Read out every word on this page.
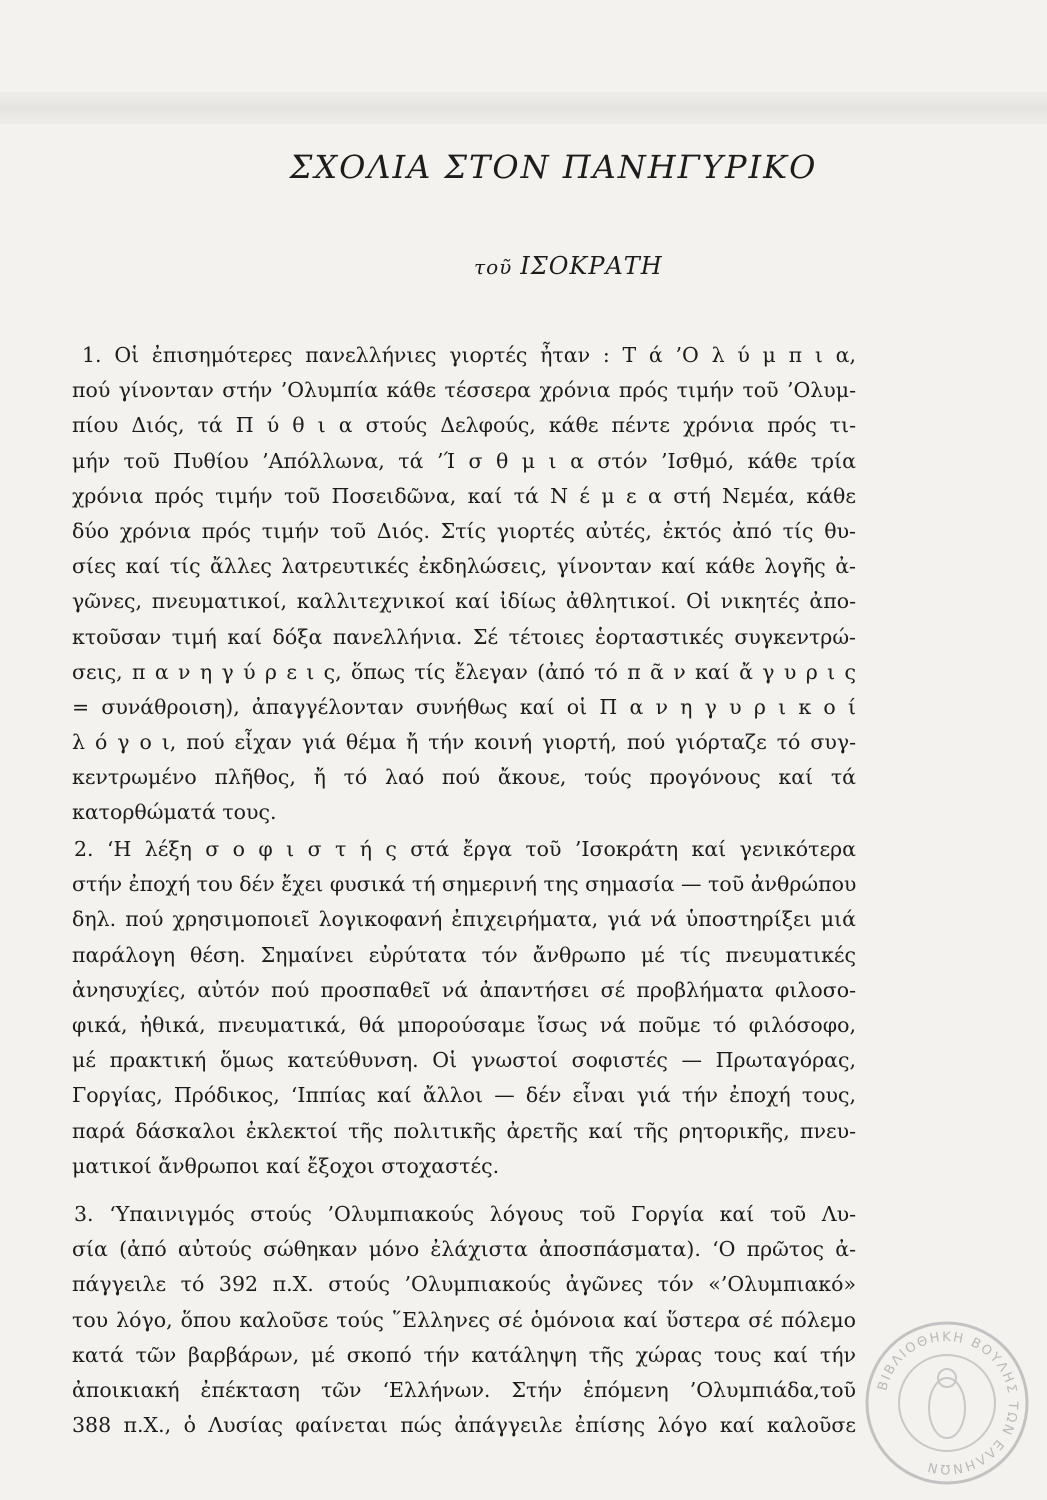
ΣΧΟΛΙΑ ΣΤΟΝ ΠΑΝΗΓΥΡΙΚΟ
τοῦ ΙΣΟΚΡΑΤΗ
1. Οἱ ἐπισημότερες πανελλήνιες γιορτές ἦταν : Τ ά ’Ο λ ύ μ π ι α,
πού γίνονταν στήν ’Ολυμπία κάθε τέσσερα χρόνια πρός τιμήν τοῦ ’Ολυμ-
πίου Διός, τά Π ύ θ ι α στούς Δελφούς, κάθε πέντε χρόνια πρός τι-
μήν τοῦ Πυθίου ’Απόλλωνα, τά ’Ί σ θ μ ι α στόν ’Ισθμό, κάθε τρία
χρόνια πρός τιμήν τοῦ Ποσειδῶνα, καί τά Ν έ μ ε α στή Νεμέα, κάθε
δύο χρόνια πρός τιμήν τοῦ Διός. Στίς γιορτές αὐτές, ἐκτός ἀπό τίς θυ-
σίες καί τίς ἄλλες λατρευτικές ἐκδηλώσεις, γίνονταν καί κάθε λογῆς ἀ-
γῶνες, πνευματικοί, καλλιτεχνικοί καί ἰδίως ἀθλητικοί. Οἱ νικητές ἀπο-
κτοῦσαν τιμή καί δόξα πανελλήνια. Σέ τέτοιες ἑορταστικές συγκεντρώ-
σεις, π α ν η γ ύ ρ ε ι ς, ὅπως τίς ἔλεγαν (ἀπό τό π ᾶ ν καί ἄ γ υ ρ ι ς
= συνάθροιση), ἀπαγγέλονταν συνήθως καί οἱ Π α ν η γ υ ρ ι κ ο ί
λ ό γ ο ι, πού εἶχαν γιά θέμα ἤ τήν κοινή γιορτή, πού γιόρταζε τό συγ-
κεντρωμένο πλῆθος, ἤ τό λαό πού ἄκουε, τούς προγόνους καί τά
κατορθώματά τους.
2. ‘Η λέξη σ ο φ ι σ τ ή ς στά ἔργα τοῦ ’Ισοκράτη καί γενικότερα
στήν ἐποχή του δέν ἔχει φυσικά τή σημερινή της σημασία — τοῦ ἀνθρώπου
δηλ. πού χρησιμοποιεῖ λογικοφανή ἐπιχειρήματα, γιά νά ὑποστηρίξει μιά
παράλογη θέση. Σημαίνει εὐρύτατα τόν ἄνθρωπο μέ τίς πνευματικές
ἀνησυχίες, αὐτόν πού προσπαθεῖ νά ἀπαντήσει σέ προβλήματα φιλοσο-
φικά, ἠθικά, πνευματικά, θά μπορούσαμε ἴσως νά ποῦμε τό φιλόσοφο,
μέ πρακτική ὅμως κατεύθυνση. Οἱ γνωστοί σοφιστές — Πρωταγόρας,
Γοργίας, Πρόδικος, ‘Ιππίας καί ἄλλοι — δέν εἶναι γιά τήν ἐποχή τους,
παρά δάσκαλοι ἐκλεκτοί τῆς πολιτικῆς ἀρετῆς καί τῆς ρητορικῆς, πνευ-
ματικοί ἄνθρωποι καί ἔξοχοι στοχαστές.
3. ‘Υπαινιγμός στούς ’Ολυμπιακούς λόγους τοῦ Γοργία καί τοῦ Λυ-
σία (ἀπό αὐτούς σώθηκαν μόνο ἐλάχιστα ἀποσπάσματα). ‘Ο πρῶτος ἀ-
πάγγειλε τό 392 π.Χ. στούς ’Ολυμπιακούς ἀγῶνες τόν «’Ολυμπιακό»
του λόγο, ὅπου καλοῦσε τούς ῞Ελληνες σέ ὁμόνοια καί ὕστερα σέ πόλεμο
κατά τῶν βαρβάρων, μέ σκοπό τήν κατάληψη τῆς χώρας τους καί τήν
ἀποικιακή ἐπέκταση τῶν ‘Ελλήνων. Στήν ἑπόμενη ’Ολυμπιάδα,τοῦ
388 π.Χ., ὁ Λυσίας φαίνεται πώς ἀπάγγειλε ἐπίσης λόγο καί καλοῦσε
ΒΙΒΛΙΟΘΗΚΗ ΒΟΥΛΗΣ ΤΩΝ ΕΛΛΗΝΩΝ
